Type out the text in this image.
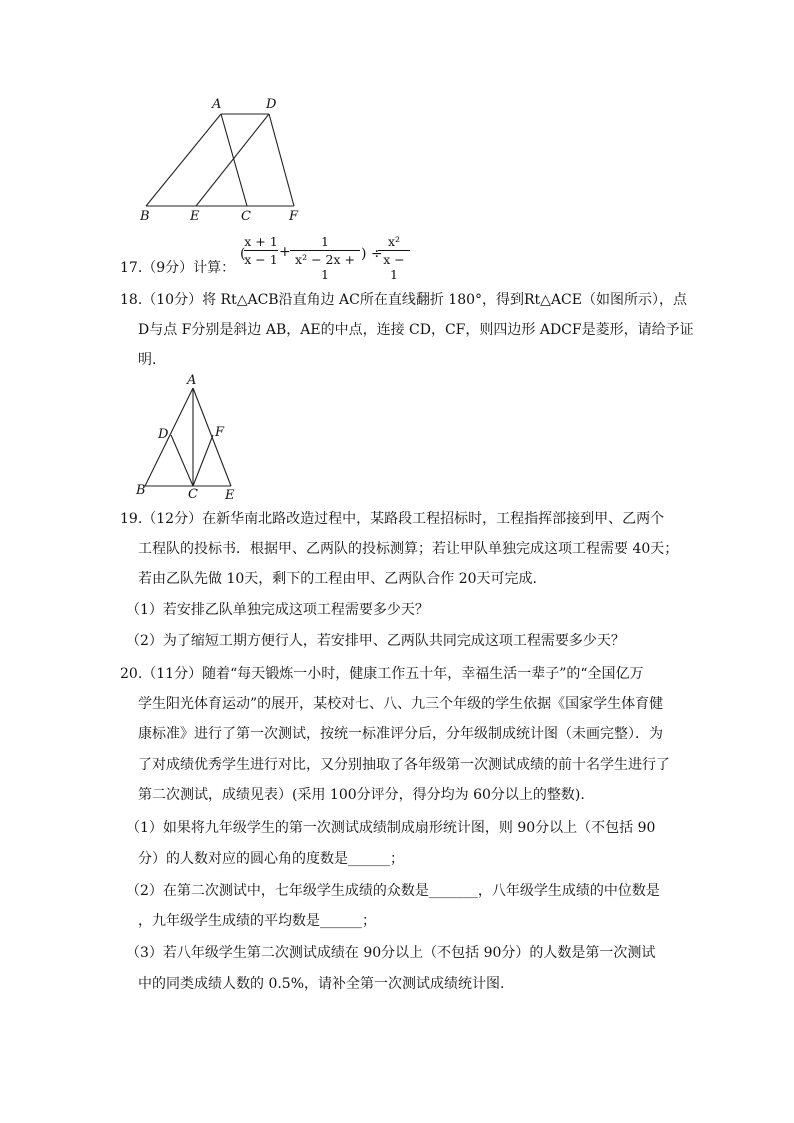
A	D
B	E	C	F
17.（9分）计算：
(
x + 1
x − 1 +
1
x² − 2x + 1
) ÷
x²
x − 1
18.（10分）将 Rt△ACB沿直角边 AC所在直线翻折 180°，得到Rt△ACE（如图所示），点
D与点 F分别是斜边 AB，AE的中点，连接 CD，CF，则四边形 ADCF是菱形，请给予证
明.
A
D	F
B	C E
19.（12分）在新华南北路改造过程中，某路段工程招标时，工程指挥部接到甲、乙两个
工程队的投标书．根据甲、乙两队的投标测算；若让甲队单独完成这项工程需要 40天；
若由乙队先做 10天，剩下的工程由甲、乙两队合作 20天可完成.
（1）若安排乙队单独完成这项工程需要多少天？
（2）为了缩短工期方便行人，若安排甲、乙两队共同完成这项工程需要多少天？
20.（11分）随着“每天锻炼一小时，健康工作五十年，幸福生活一辈子”的“全国亿万
学生阳光体育运动”的展开，某校对七、八、九三个年级的学生依据《国家学生体育健
康标准》进行了第一次测试，按统一标准评分后，分年级制成统计图（未画完整）．为
了对成绩优秀学生进行对比，又分别抽取了各年级第一次测试成绩的前十名学生进行了
第二次测试，成绩见表）(采用 100分评分，得分均为 60分以上的整数).
（1）如果将九年级学生的第一次测试成绩制成扇形统计图，则 90分以上（不包括 90
分）的人数对应的圆心角的度数是______；
（2）在第二次测试中，七年级学生成绩的众数是_______，八年级学生成绩的中位数是
，九年级学生成绩的平均数是______；
（3）若八年级学生第二次测试成绩在 90分以上（不包括 90分）的人数是第一次测试
中的同类成绩人数的 0.5%，请补全第一次测试成绩统计图.
